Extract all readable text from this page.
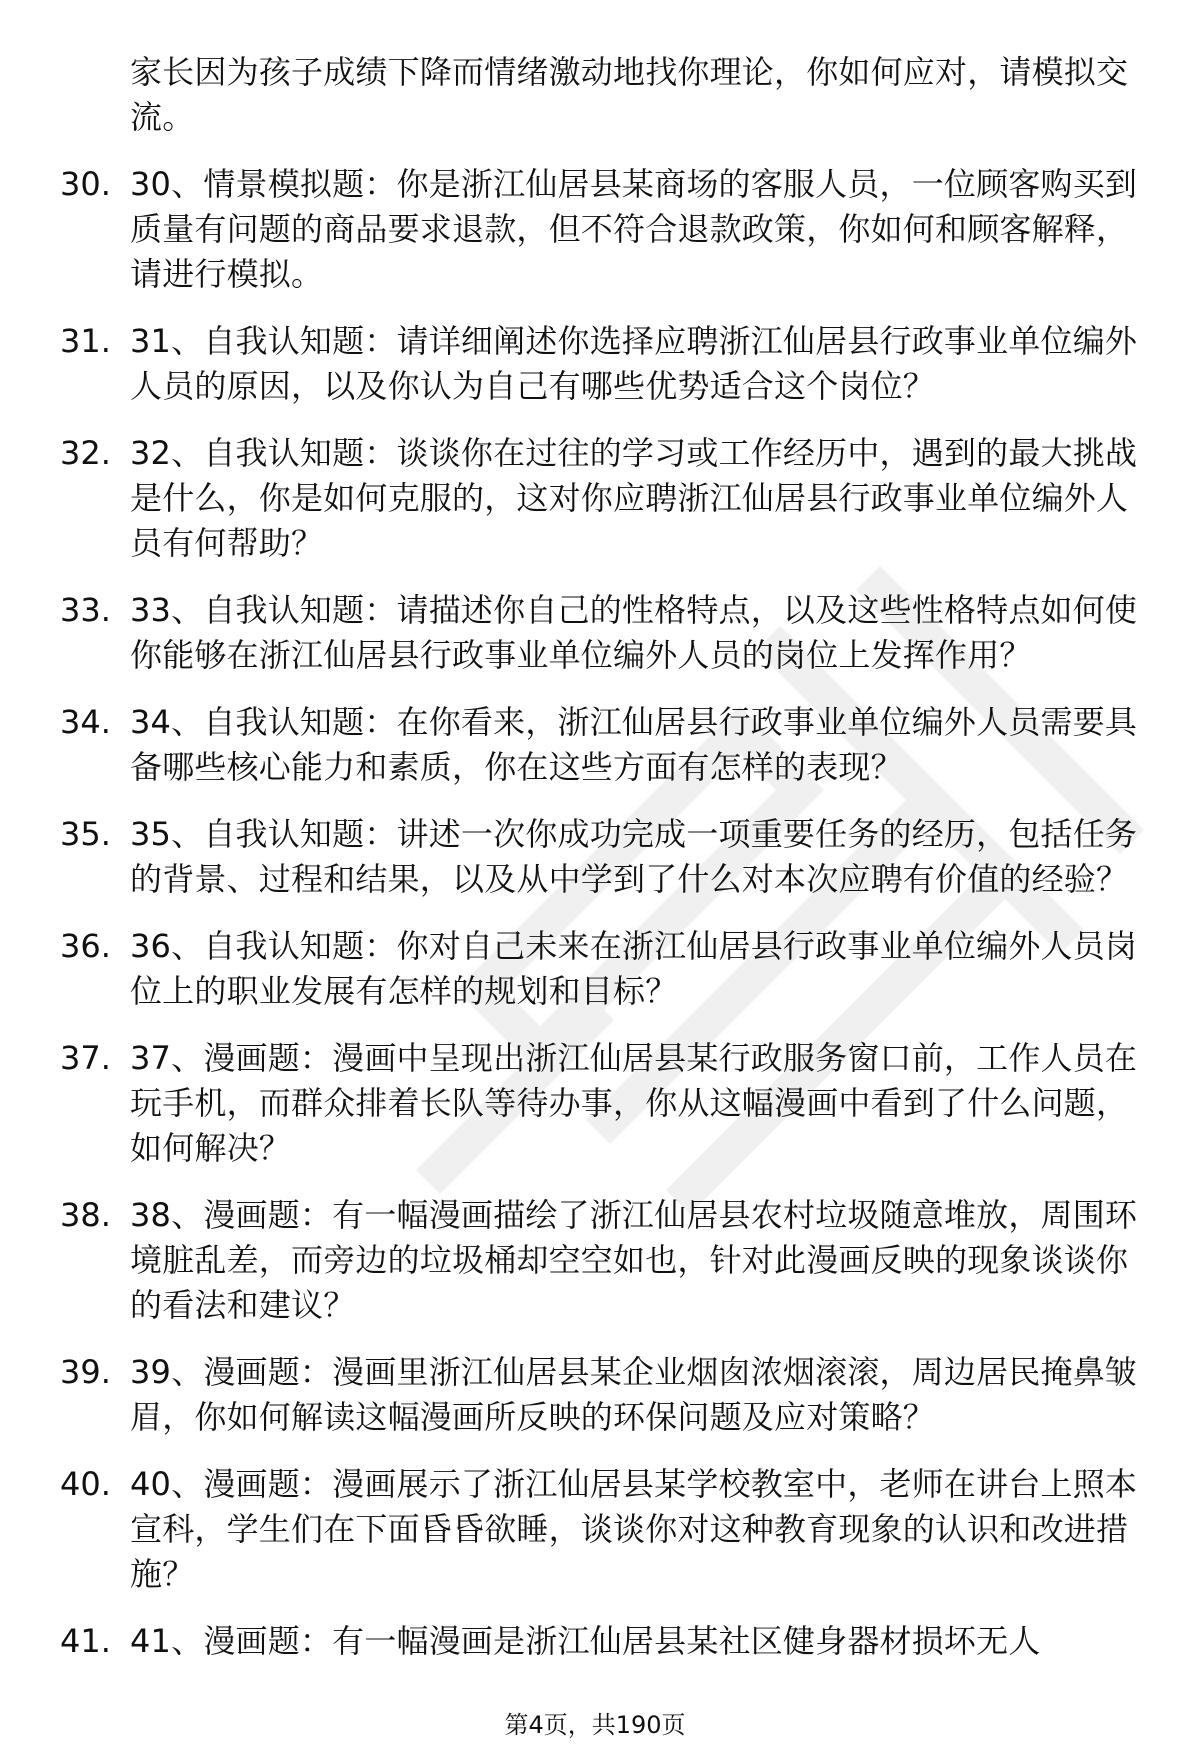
家长因为孩子成绩下降而情绪激动地找你理论，你如何应对，请模拟交流。
30. 30、情景模拟题：你是浙江仙居县某商场的客服人员，一位顾客购买到质量有问题的商品要求退款，但不符合退款政策，你如何和顾客解释，请进行模拟。
31. 31、自我认知题：请详细阐述你选择应聘浙江仙居县行政事业单位编外人员的原因，以及你认为自己有哪些优势适合这个岗位？
32. 32、自我认知题：谈谈你在过往的学习或工作经历中，遇到的最大挑战是什么，你是如何克服的，这对你应聘浙江仙居县行政事业单位编外人员有何帮助？
33. 33、自我认知题：请描述你自己的性格特点，以及这些性格特点如何使你能够在浙江仙居县行政事业单位编外人员的岗位上发挥作用？
34. 34、自我认知题：在你看来，浙江仙居县行政事业单位编外人员需要具备哪些核心能力和素质，你在这些方面有怎样的表现？
35. 35、自我认知题：讲述一次你成功完成一项重要任务的经历，包括任务的背景、过程和结果，以及从中学到了什么对本次应聘有价值的经验？
36. 36、自我认知题：你对自己未来在浙江仙居县行政事业单位编外人员岗位上的职业发展有怎样的规划和目标？
37. 37、漫画题：漫画中呈现出浙江仙居县某行政服务窗口前，工作人员在玩手机，而群众排着长队等待办事，你从这幅漫画中看到了什么问题，如何解决？
38. 38、漫画题：有一幅漫画描绘了浙江仙居县农村垃圾随意堆放，周围环境脏乱差，而旁边的垃圾桶却空空如也，针对此漫画反映的现象谈谈你的看法和建议？
39. 39、漫画题：漫画里浙江仙居县某企业烟囱浓烟滚滚，周边居民掩鼻皱眉，你如何解读这幅漫画所反映的环保问题及应对策略？
40. 40、漫画题：漫画展示了浙江仙居县某学校教室中，老师在讲台上照本宣科，学生们在下面昏昏欲睡，谈谈你对这种教育现象的认识和改进措施？
41. 41、漫画题：有一幅漫画是浙江仙居县某社区健身器材损坏无人
第4页，共190页
